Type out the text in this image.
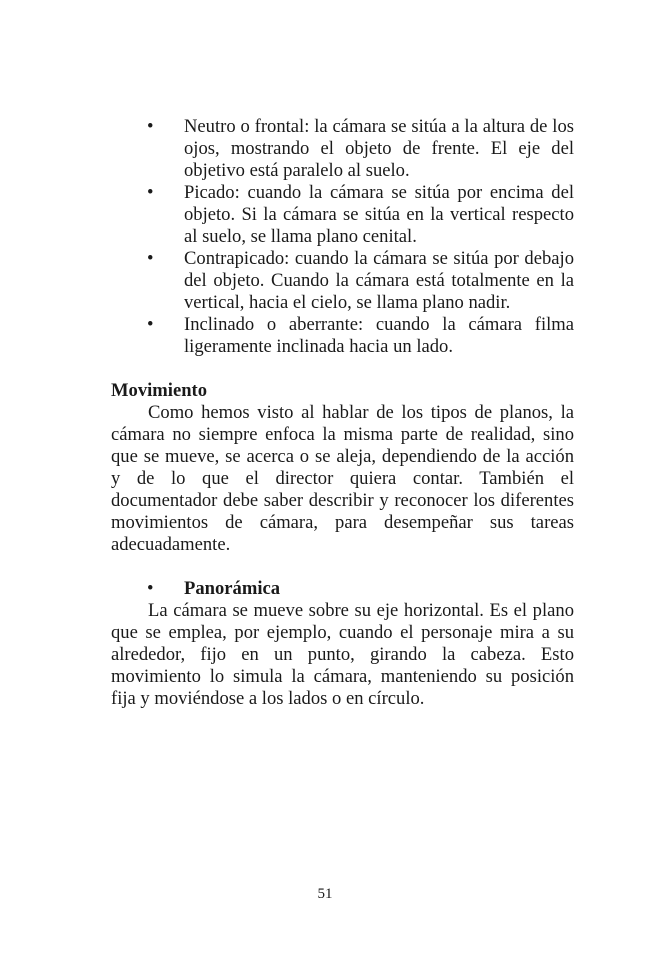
• Neutro o frontal: la cámara se sitúa a la altura de los ojos, mostrando el objeto de frente. El eje del objetivo está paralelo al suelo.
• Picado: cuando la cámara se sitúa por encima del objeto. Si la cámara se sitúa en la vertical respecto al suelo, se llama plano cenital.
• Contrapicado: cuando la cámara se sitúa por debajo del objeto. Cuando la cámara está totalmente en la vertical, hacia el cielo, se llama plano nadir.
• Inclinado o aberrante: cuando la cámara filma ligeramente inclinada hacia un lado.
Movimiento

Como hemos visto al hablar de los tipos de planos, la cámara no siempre enfoca la misma parte de realidad, sino que se mueve, se acerca o se aleja, dependiendo de la acción y de lo que el director quiera contar. También el documentador debe saber describir y reconocer los diferentes movimientos de cámara, para desempeñar sus tareas adecuadamente.

• Panorámica

La cámara se mueve sobre su eje horizontal. Es el plano que se emplea, por ejemplo, cuando el personaje mira a su alrededor, fijo en un punto, girando la cabeza. Esto movimiento lo simula la cámara, manteniendo su posición fija y moviéndose a los lados o en círculo.

51
